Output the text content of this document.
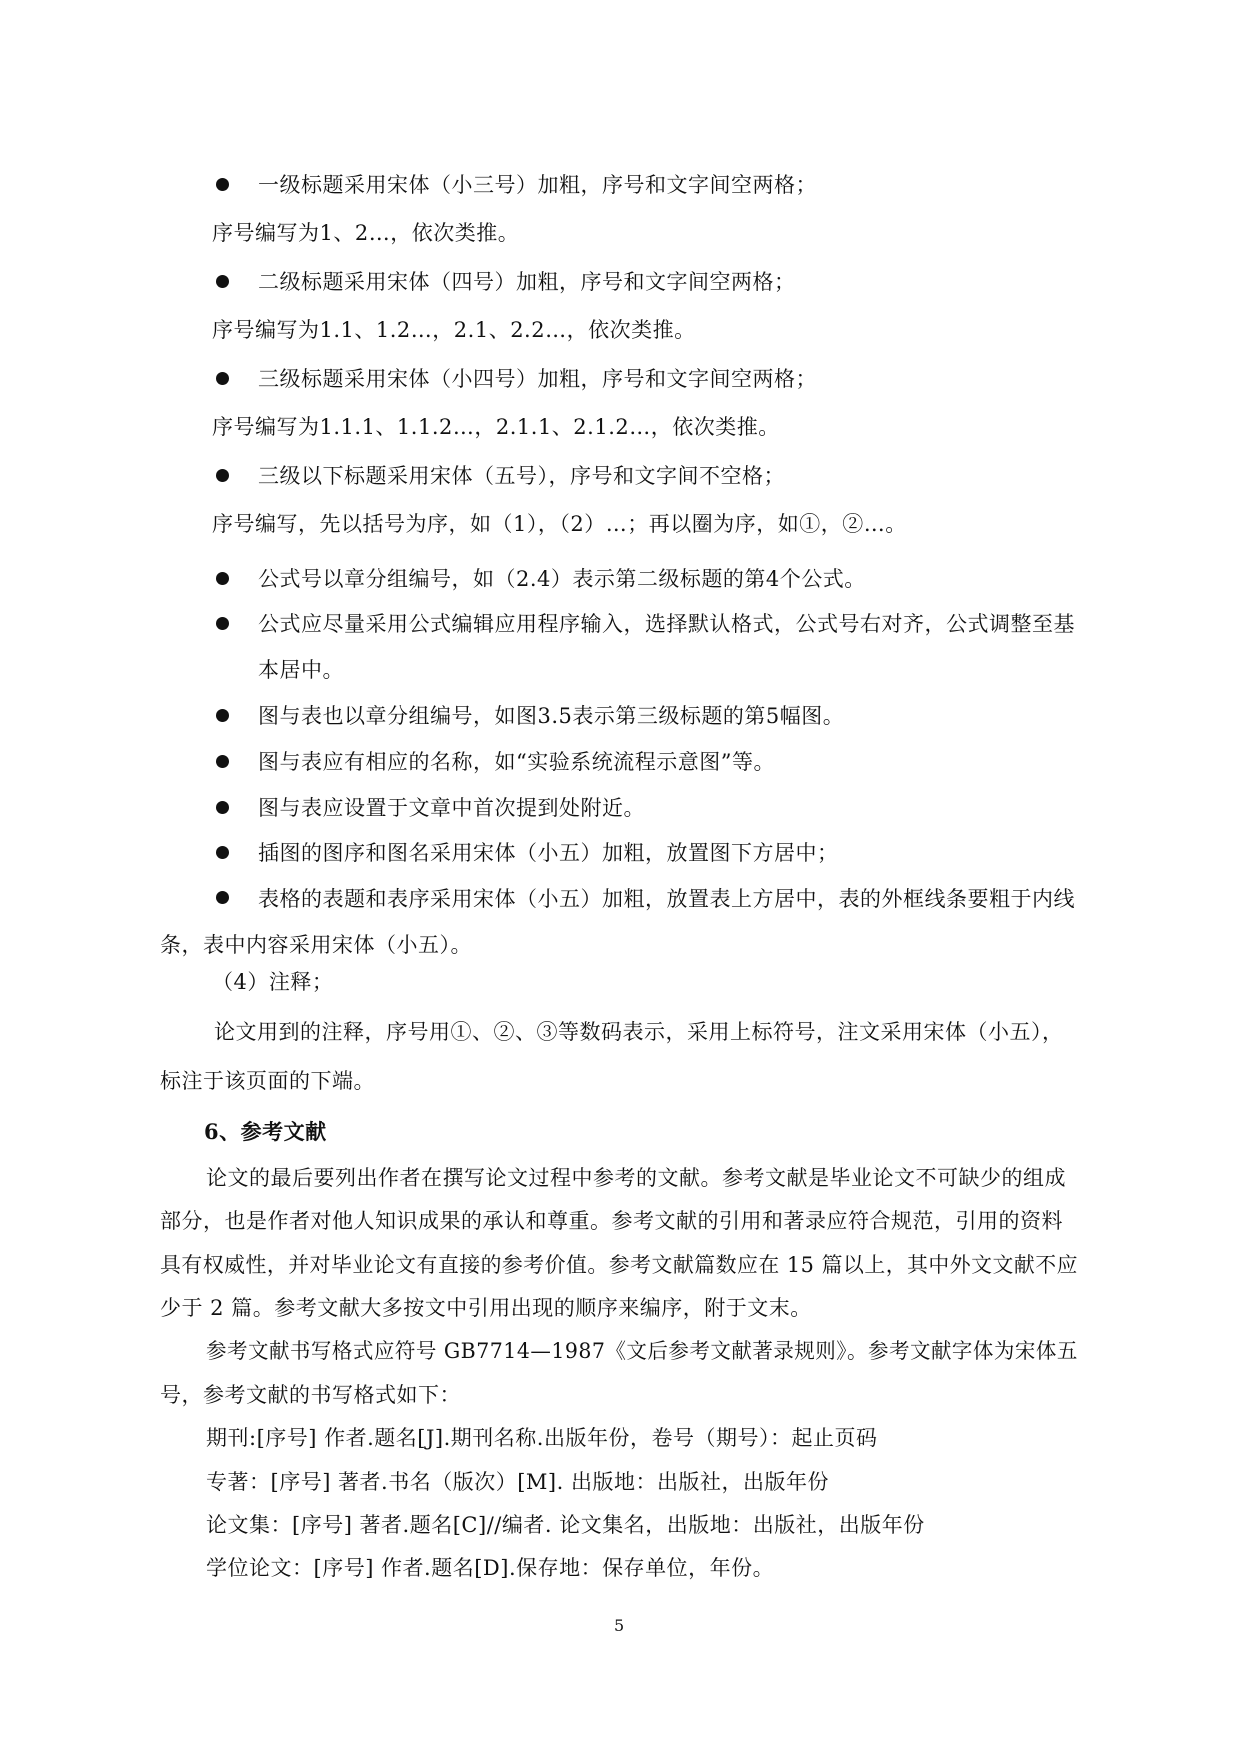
一级标题采用宋体（小三号）加粗，序号和文字间空两格；
序号编写为1、2…，依次类推。
二级标题采用宋体（四号）加粗，序号和文字间空两格；
序号编写为1.1、1.2…，2.1、2.2…，依次类推。
三级标题采用宋体（小四号）加粗，序号和文字间空两格；
序号编写为1.1.1、1.1.2…，2.1.1、2.1.2…，依次类推。
三级以下标题采用宋体（五号），序号和文字间不空格；
序号编写，先以括号为序，如（1），（2）…；再以圈为序，如①，②…。
公式号以章分组编号，如（2.4）表示第二级标题的第4个公式。
公式应尽量采用公式编辑应用程序输入，选择默认格式，公式号右对齐，公式调整至基
本居中。
图与表也以章分组编号，如图3.5表示第三级标题的第5幅图。
图与表应有相应的名称，如“实验系统流程示意图”等。
图与表应设置于文章中首次提到处附近。
插图的图序和图名采用宋体（小五）加粗，放置图下方居中；
表格的表题和表序采用宋体（小五）加粗，放置表上方居中，表的外框线条要粗于内线
条，表中内容采用宋体（小五）。
（4）注释；
论文用到的注释，序号用①、②、③等数码表示，采用上标符号，注文采用宋体（小五），
标注于该页面的下端。
6、参考文献
论文的最后要列出作者在撰写论文过程中参考的文献。参考文献是毕业论文不可缺少的组成
部分，也是作者对他人知识成果的承认和尊重。参考文献的引用和著录应符合规范，引用的资料
具有权威性，并对毕业论文有直接的参考价值。参考文献篇数应在 15 篇以上，其中外文文献不应
少于 2 篇。参考文献大多按文中引用出现的顺序来编序，附于文末。
参考文献书写格式应符号 GB7714—1987《文后参考文献著录规则》。参考文献字体为宋体五
号，参考文献的书写格式如下：
期刊:[序号] 作者.题名[J].期刊名称.出版年份，卷号（期号）：起止页码
专著：[序号] 著者.书名（版次）[M]. 出版地：出版社，出版年份
论文集：[序号] 著者.题名[C]//编者. 论文集名，出版地：出版社，出版年份
学位论文：[序号] 作者.题名[D].保存地：保存单位，年份。
5
